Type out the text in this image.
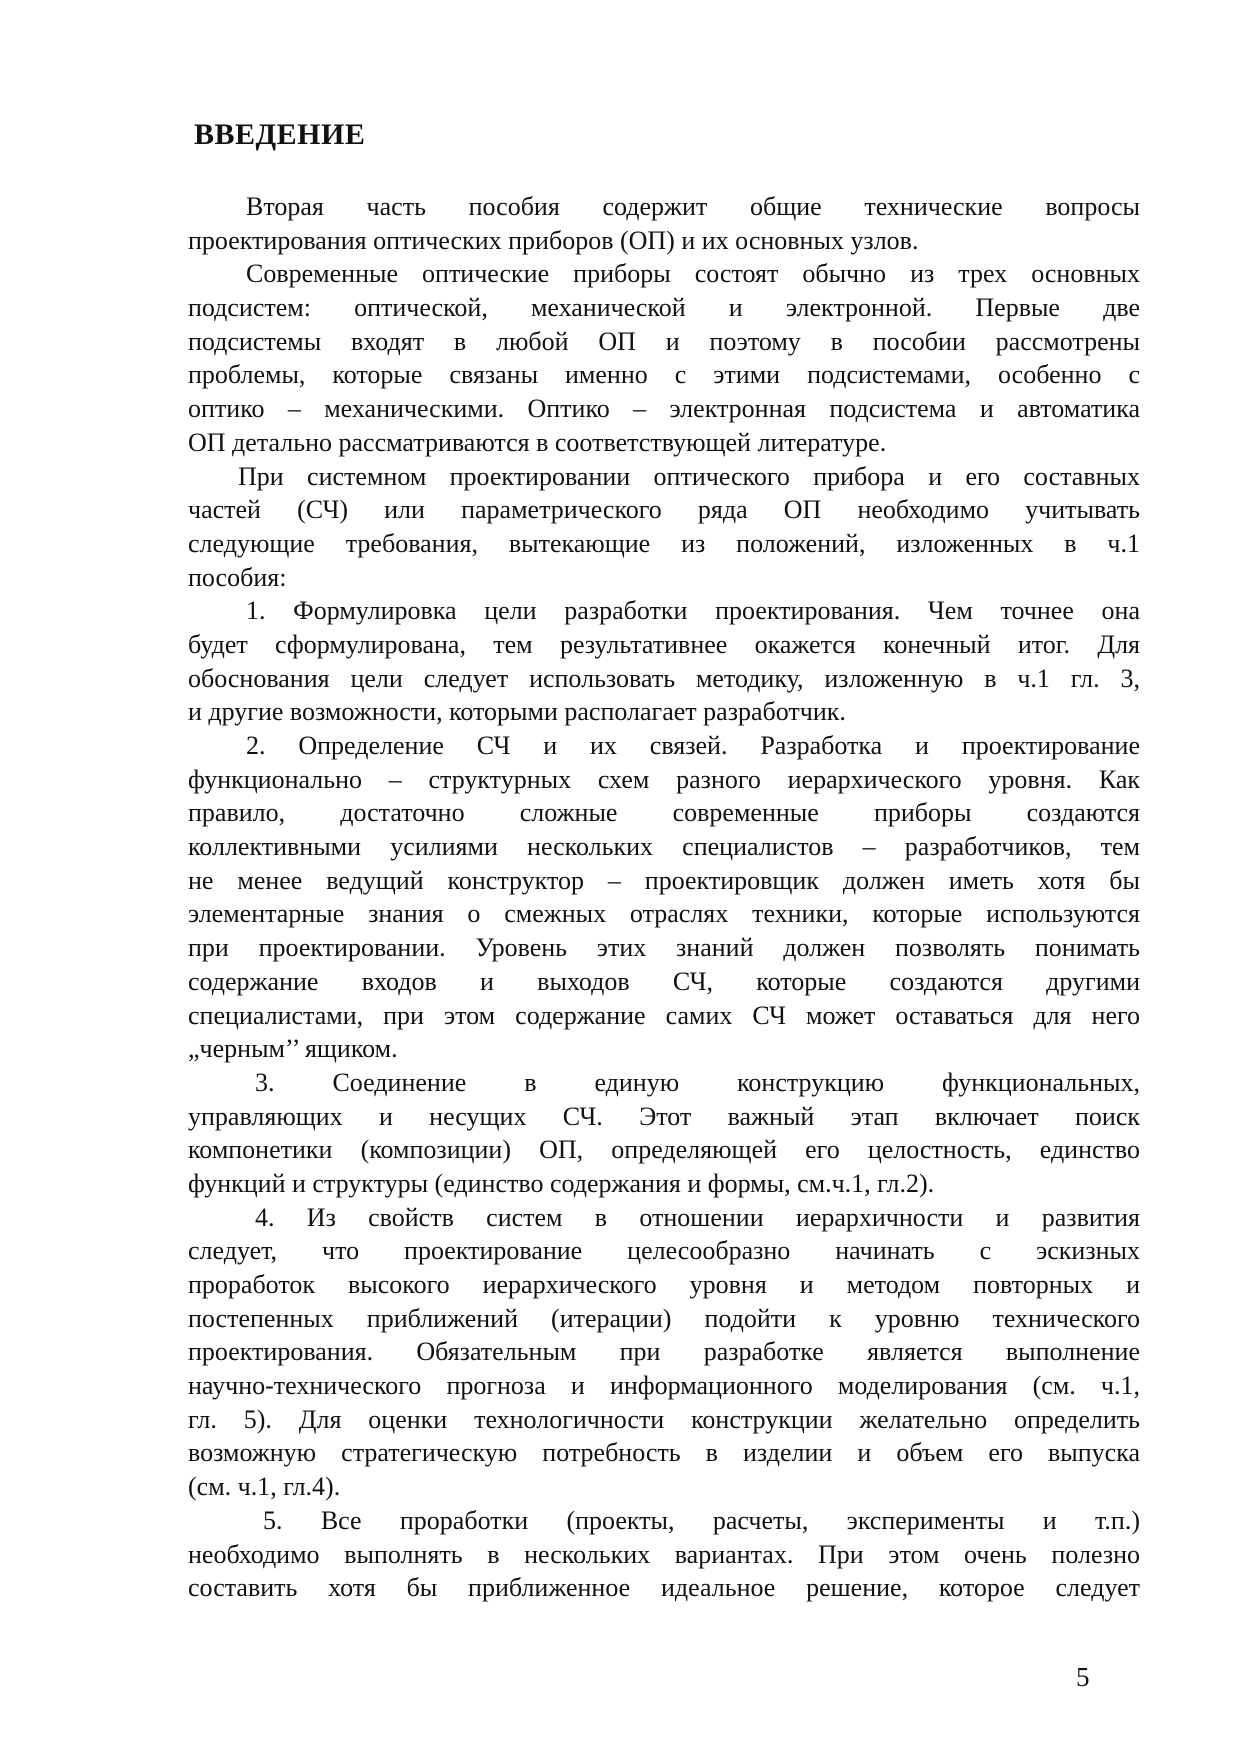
ВВЕДЕНИЕ
Вторая часть пособия содержит общие технические вопросы
проектирования оптических приборов (ОП) и их основных узлов.
Современные оптические приборы состоят обычно из трех основных
подсистем: оптической, механической и электронной. Первые две
подсистемы входят в любой ОП и поэтому в пособии рассмотрены
проблемы, которые связаны именно с этими подсистемами, особенно с
оптико – механическими. Оптико – электронная подсистема и автоматика
ОП детально рассматриваются в соответствующей литературе.
При системном проектировании оптического прибора и его составных
частей (СЧ) или параметрического ряда ОП необходимо учитывать
следующие требования, вытекающие из положений, изложенных в ч.1
пособия:
1. Формулировка цели разработки проектирования. Чем точнее она
будет сформулирована, тем результативнее окажется конечный итог. Для
обоснования цели следует использовать методику, изложенную в ч.1 гл. 3,
и другие возможности, которыми располагает разработчик.
2. Определение СЧ и их связей. Разработка и проектирование
функционально – структурных схем разного иерархического уровня. Как
правило, достаточно сложные современные приборы создаются
коллективными усилиями нескольких специалистов – разработчиков, тем
не менее ведущий конструктор – проектировщик должен иметь хотя бы
элементарные знания о смежных отраслях техники, которые используются
при проектировании. Уровень этих знаний должен позволять понимать
содержание входов и выходов СЧ, которые создаются другими
специалистами, при этом содержание самих СЧ может оставаться для него
„черным’’ ящиком.
3. Соединение в единую конструкцию функциональных,
управляющих и несущих СЧ. Этот важный этап включает поиск
компонетики (композиции) ОП, определяющей его целостность, единство
функций и структуры (единство содержания и формы, см.ч.1, гл.2).
4. Из свойств систем в отношении иерархичности и развития
следует, что проектирование целесообразно начинать с эскизных
проработок высокого иерархического уровня и методом повторных и
постепенных приближений (итерации) подойти к уровню технического
проектирования. Обязательным при разработке является выполнение
научно-технического прогноза и информационного моделирования (см. ч.1,
гл. 5). Для оценки технологичности конструкции желательно определить
возможную стратегическую потребность в изделии и объем его выпуска
(см. ч.1, гл.4).
5. Все проработки (проекты, расчеты, эксперименты и т.п.)
необходимо выполнять в нескольких вариантах. При этом очень полезно
составить хотя бы приближенное идеальное решение, которое следует
5
